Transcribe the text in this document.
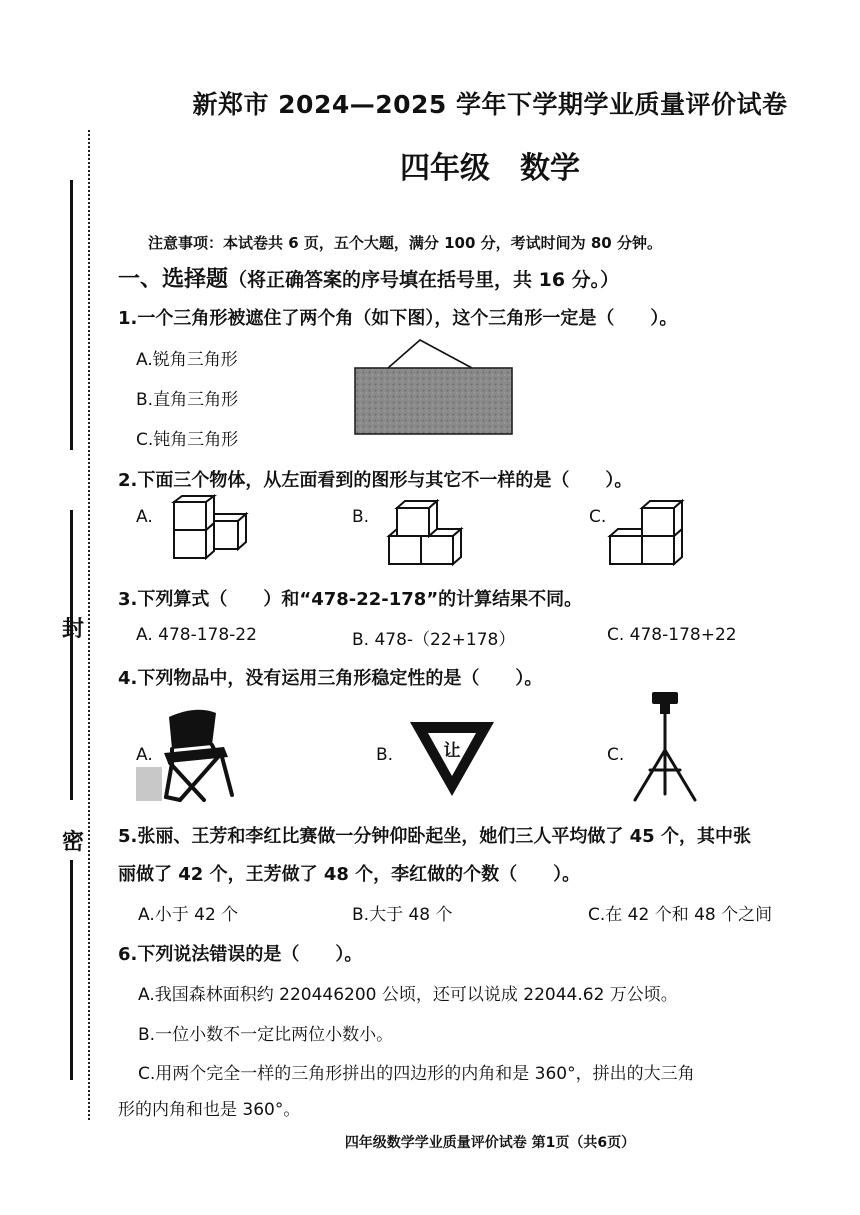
封
密
新郑市 2024—2025 学年下学期学业质量评价试卷
四年级　数学
注意事项：本试卷共 6 页，五个大题，满分 100 分，考试时间为 80 分钟。
一、选择题（将正确答案的序号填在括号里，共 16 分。）
1.一个三角形被遮住了两个角（如下图），这个三角形一定是（　　）。
A.锐角三角形
B.直角三角形
C.钝角三角形
2.下面三个物体，从左面看到的图形与其它不一样的是（　　）。
A.	B.	C.
3.下列算式（　　）和“478-22-178”的计算结果不同。
A. 478-178-22	B. 478-（22+178）	C. 478-178+22
4.下列物品中，没有运用三角形稳定性的是（　　）。
A.	B.	C.
让
5.张丽、王芳和李红比赛做一分钟仰卧起坐，她们三人平均做了 45 个，其中张
丽做了 42 个，王芳做了 48 个，李红做的个数（　　）。
A.小于 42 个	B.大于 48 个	C.在 42 个和 48 个之间
6.下列说法错误的是（　　）。
A.我国森林面积约 220446200 公顷，还可以说成 22044.62 万公顷。
B.一位小数不一定比两位小数小。
C.用两个完全一样的三角形拼出的四边形的内角和是 360°，拼出的大三角
形的内角和也是 360°。
四年级数学学业质量评价试卷 第1页（共6页）
